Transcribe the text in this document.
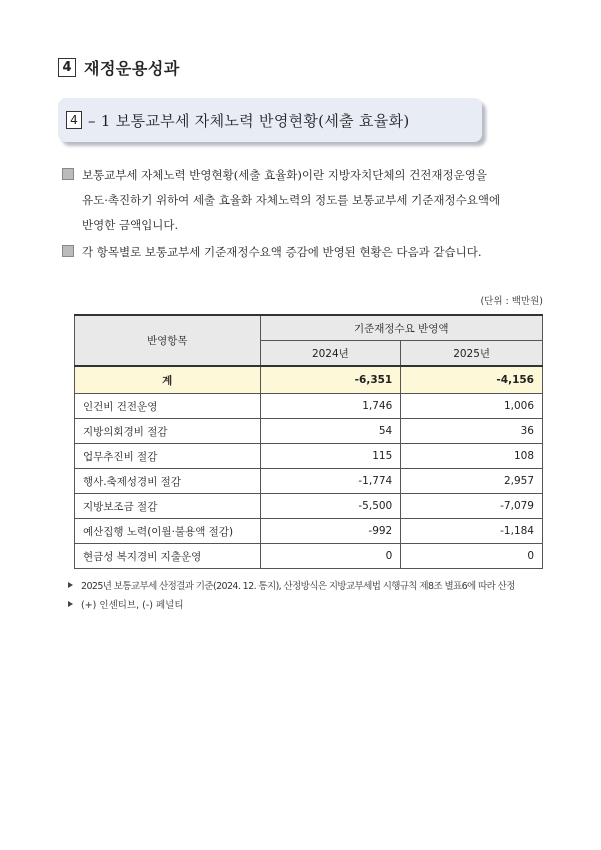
4 재정운용성과
4 – 1 보통교부세 자체노력 반영현황(세출 효율화)
보통교부세 자체노력 반영현황(세출 효율화)이란 지방자치단체의 건전재정운영을
유도·촉진하기 위하여 세출 효율화 자체노력의 정도를 보통교부세 기준재정수요액에
반영한 금액입니다.
각 항목별로 보통교부세 기준재정수요액 증감에 반영된 현황은 다음과 같습니다.
(단위 : 백만원)
반영항목	기준재정수요 반영액	
	2024년	2025년
계	-6,351	-4,156
인건비 건전운영	1,746	1,006
지방의회경비 절감	54	36
업무추진비 절감	115	108
행사.축제성경비 절감	-1,774	2,957
지방보조금 절감	-5,500	-7,079
예산집행 노력(이월·불용액 절감)	-992	-1,184
현금성 복지경비 지출운영	0	0
2025년 보통교부세 산정결과 기준(2024. 12. 통지), 산정방식은 지방교부세법 시행규칙 제8조 별표6에 따라 산정
(+) 인센티브, (-) 페널티
